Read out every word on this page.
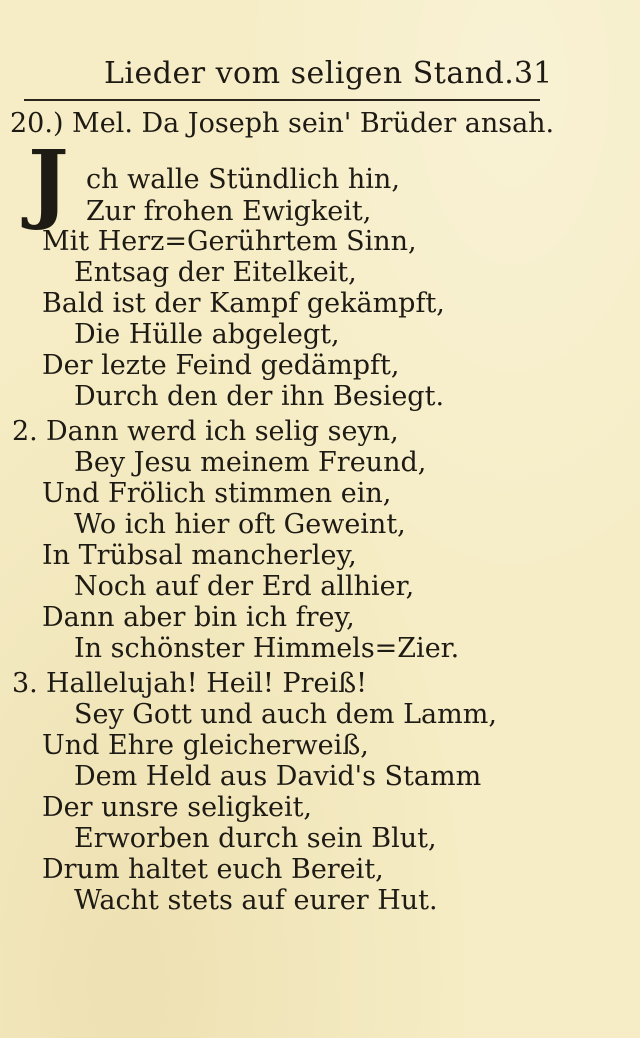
Lieder vom seligen Stand. 31
20.) Mel. Da Joseph sein' Brüder ansah.
J ch walle Stündlich hin,
Zur frohen Ewigkeit,
Mit Herz=Gerührtem Sinn,
Entsag der Eitelkeit,
Bald ist der Kampf gekämpft,
Die Hülle abgelegt,
Der lezte Feind gedämpft,
Durch den der ihn Besiegt.
2. Dann werd ich selig seyn,
Bey Jesu meinem Freund,
Und Frölich stimmen ein,
Wo ich hier oft Geweint,
In Trübsal mancherley,
Noch auf der Erd allhier,
Dann aber bin ich frey,
In schönster Himmels=Zier.
3. Hallelujah! Heil! Preiß!
Sey Gott und auch dem Lamm,
Und Ehre gleicherweiß,
Dem Held aus David's Stamm
Der unsre seligkeit,
Erworben durch sein Blut,
Drum haltet euch Bereit,
Wacht stets auf eurer Hut.
